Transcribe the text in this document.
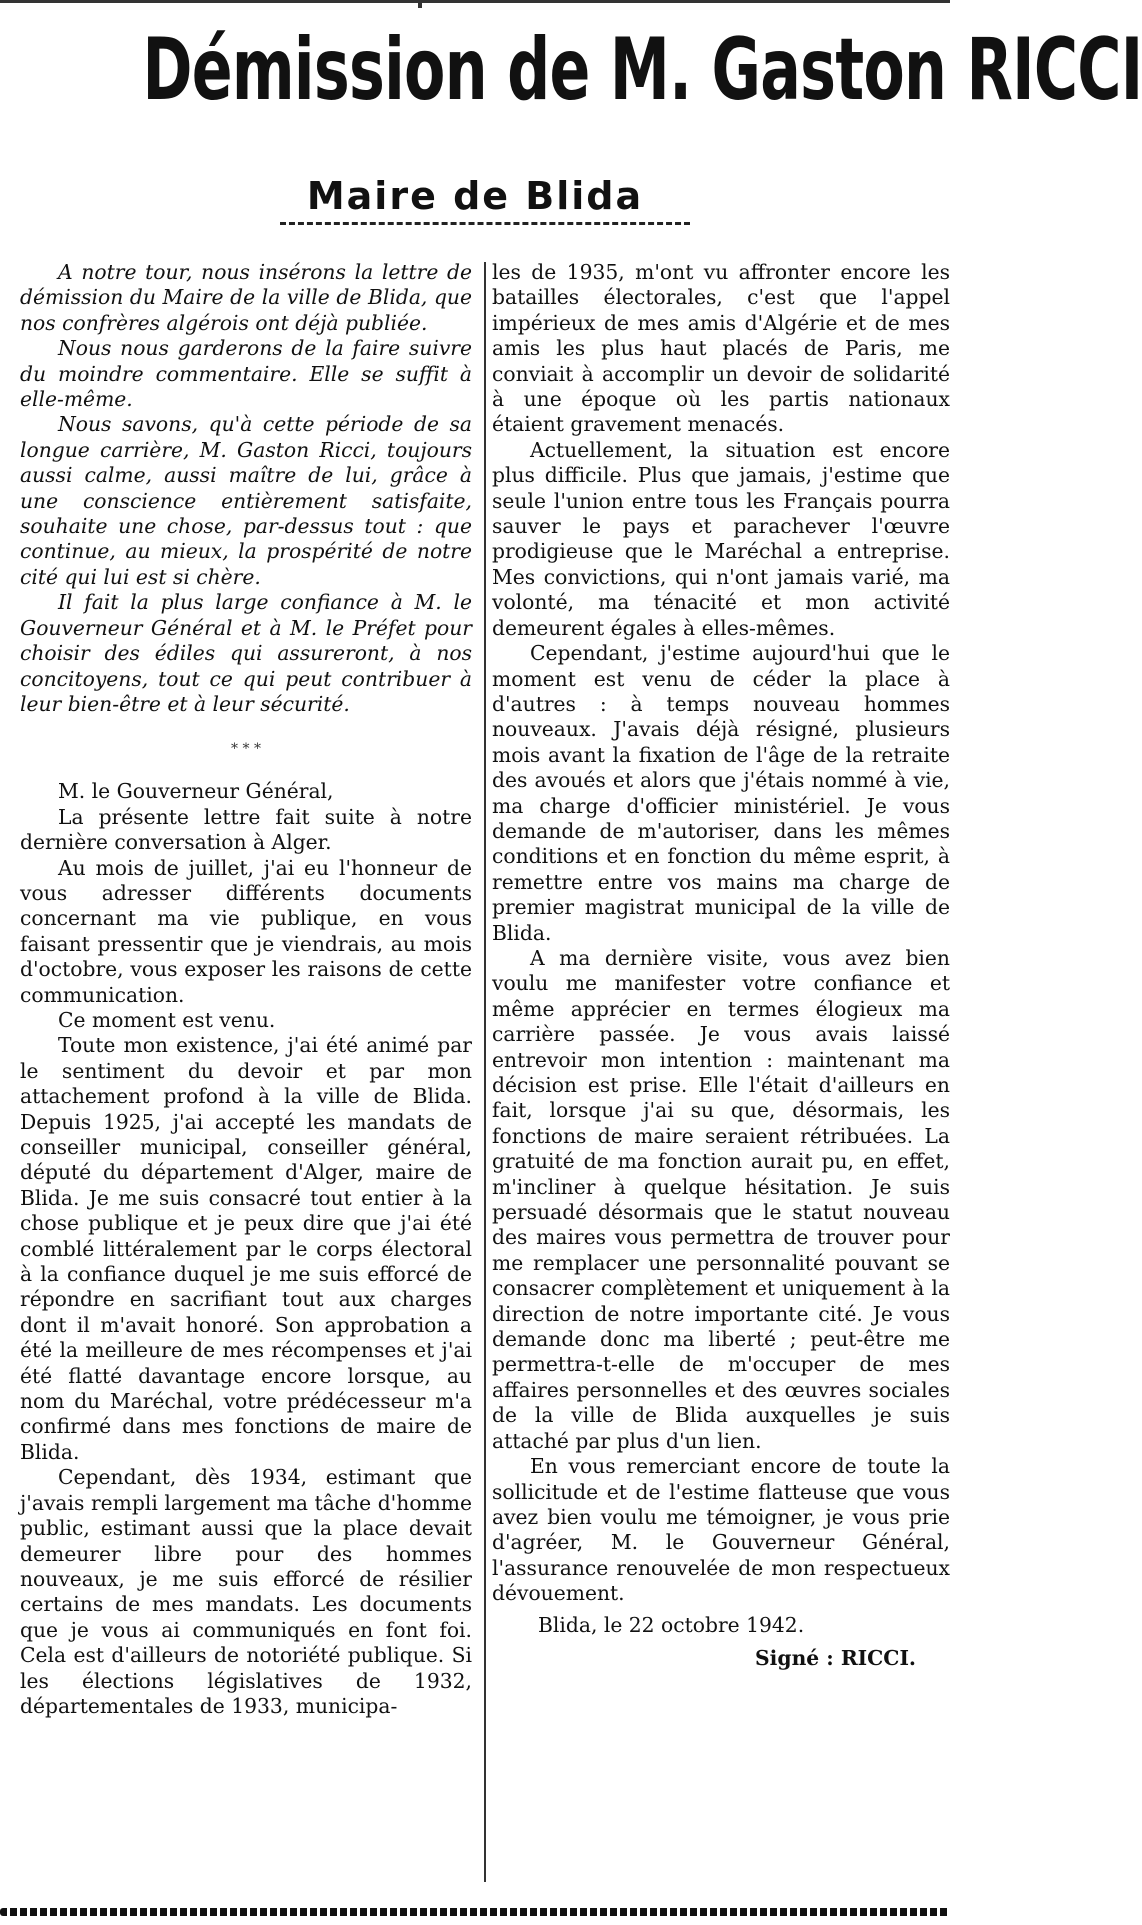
Démission de M. Gaston RICCI
Maire de Blida

A notre tour, nous insérons la lettre de démission du Maire de la ville de Blida, que nos confrères algérois ont déjà publiée.

Nous nous garderons de la faire suivre du moindre commentaire. Elle se suffit à elle-même.

Nous savons, qu'à cette période de sa longue carrière, M. Gaston Ricci, toujours aussi calme, aussi maître de lui, grâce à une conscience entièrement satisfaite, souhaite une chose, par-dessus tout : que continue, au mieux, la prospérité de notre cité qui lui est si chère.

Il fait la plus large confiance à M. le Gouverneur Général et à M. le Préfet pour choisir des édiles qui assureront, à nos concitoyens, tout ce qui peut contribuer à leur bien-être et à leur sécurité.

* * *

M. le Gouverneur Général,

La présente lettre fait suite à notre dernière conversation à Alger.

Au mois de juillet, j'ai eu l'honneur de vous adresser différents documents concernant ma vie publique, en vous faisant pressentir que je viendrais, au mois d'octobre, vous exposer les raisons de cette communication.

Ce moment est venu.

Toute mon existence, j'ai été animé par le sentiment du devoir et par mon attachement profond à la ville de Blida. Depuis 1925, j'ai accepté les mandats de conseiller municipal, conseiller général, député du département d'Alger, maire de Blida. Je me suis consacré tout entier à la chose publique et je peux dire que j'ai été comblé littéralement par le corps électoral à la confiance duquel je me suis efforcé de répondre en sacrifiant tout aux charges dont il m'avait honoré. Son approbation a été la meilleure de mes récompenses et j'ai été flatté davantage encore lorsque, au nom du Maréchal, votre prédécesseur m'a confirmé dans mes fonctions de maire de Blida.

Cependant, dès 1934, estimant que j'avais rempli largement ma tâche d'homme public, estimant aussi que la place devait demeurer libre pour des hommes nouveaux, je me suis efforcé de résilier certains de mes mandats. Les documents que je vous ai communiqués en font foi. Cela est d'ailleurs de notoriété publique. Si les élections législatives de 1932, départementales de 1933, municipa-

les de 1935, m'ont vu affronter encore les batailles électorales, c'est que l'appel impérieux de mes amis d'Algérie et de mes amis les plus haut placés de Paris, me conviait à accomplir un devoir de solidarité à une époque où les partis nationaux étaient gravement menacés.

Actuellement, la situation est encore plus difficile. Plus que jamais, j'estime que seule l'union entre tous les Français pourra sauver le pays et parachever l'œuvre prodigieuse que le Maréchal a entreprise. Mes convictions, qui n'ont jamais varié, ma volonté, ma ténacité et mon activité demeurent égales à elles-mêmes.

Cependant, j'estime aujourd'hui que le moment est venu de céder la place à d'autres : à temps nouveau hommes nouveaux. J'avais déjà résigné, plusieurs mois avant la fixation de l'âge de la retraite des avoués et alors que j'étais nommé à vie, ma charge d'officier ministériel. Je vous demande de m'autoriser, dans les mêmes conditions et en fonction du même esprit, à remettre entre vos mains ma charge de premier magistrat municipal de la ville de Blida.

A ma dernière visite, vous avez bien voulu me manifester votre confiance et même apprécier en termes élogieux ma carrière passée. Je vous avais laissé entrevoir mon intention : maintenant ma décision est prise. Elle l'était d'ailleurs en fait, lorsque j'ai su que, désormais, les fonctions de maire seraient rétribuées. La gratuité de ma fonction aurait pu, en effet, m'incliner à quelque hésitation. Je suis persuadé désormais que le statut nouveau des maires vous permettra de trouver pour me remplacer une personnalité pouvant se consacrer complètement et uniquement à la direction de notre importante cité. Je vous demande donc ma liberté ; peut-être me permettra-t-elle de m'occuper de mes affaires personnelles et des œuvres sociales de la ville de Blida auxquelles je suis attaché par plus d'un lien.

En vous remerciant encore de toute la sollicitude et de l'estime flatteuse que vous avez bien voulu me témoigner, je vous prie d'agréer, M. le Gouverneur Général, l'assurance renouvelée de mon respectueux dévouement.

Blida, le 22 octobre 1942.

Signé : RICCI.
